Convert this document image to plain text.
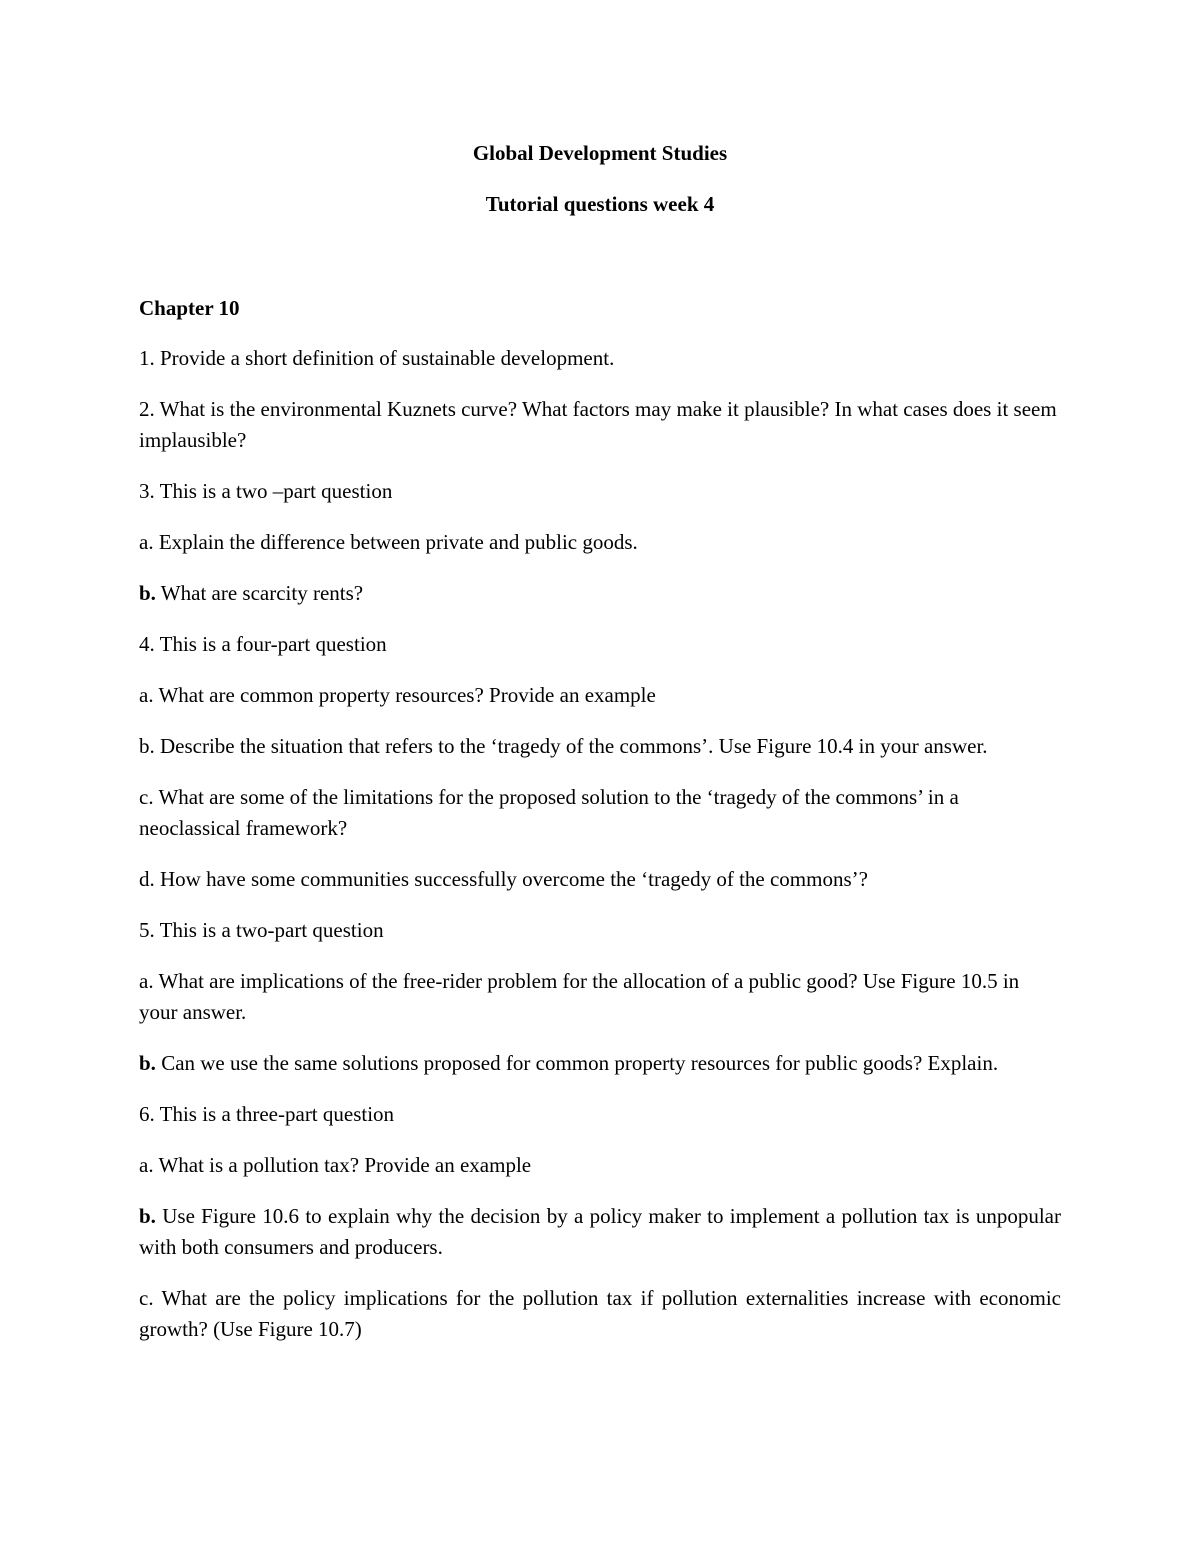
Global Development Studies
Tutorial questions week 4
Chapter 10
1. Provide a short definition of sustainable development.
2. What is the environmental Kuznets curve? What factors may make it plausible? In what cases does it seem implausible?
3. This is a two –part question
a. Explain the difference between private and public goods.
b. What are scarcity rents?
4. This is a four-part question
a. What are common property resources? Provide an example
b. Describe the situation that refers to the ‘tragedy of the commons’. Use Figure 10.4 in your answer.
c. What are some of the limitations for the proposed solution to the ‘tragedy of the commons’ in a neoclassical framework?
d. How have some communities successfully overcome the ‘tragedy of the commons’?
5. This is a two-part question
a. What are implications of the free-rider problem for the allocation of a public good? Use Figure 10.5 in your answer.
b. Can we use the same solutions proposed for common property resources for public goods? Explain.
6. This is a three-part question
a. What is a pollution tax? Provide an example
b. Use Figure 10.6 to explain why the decision by a policy maker to implement a pollution tax is unpopular with both consumers and producers.
c. What are the policy implications for the pollution tax if pollution externalities increase with economic growth? (Use Figure 10.7)
